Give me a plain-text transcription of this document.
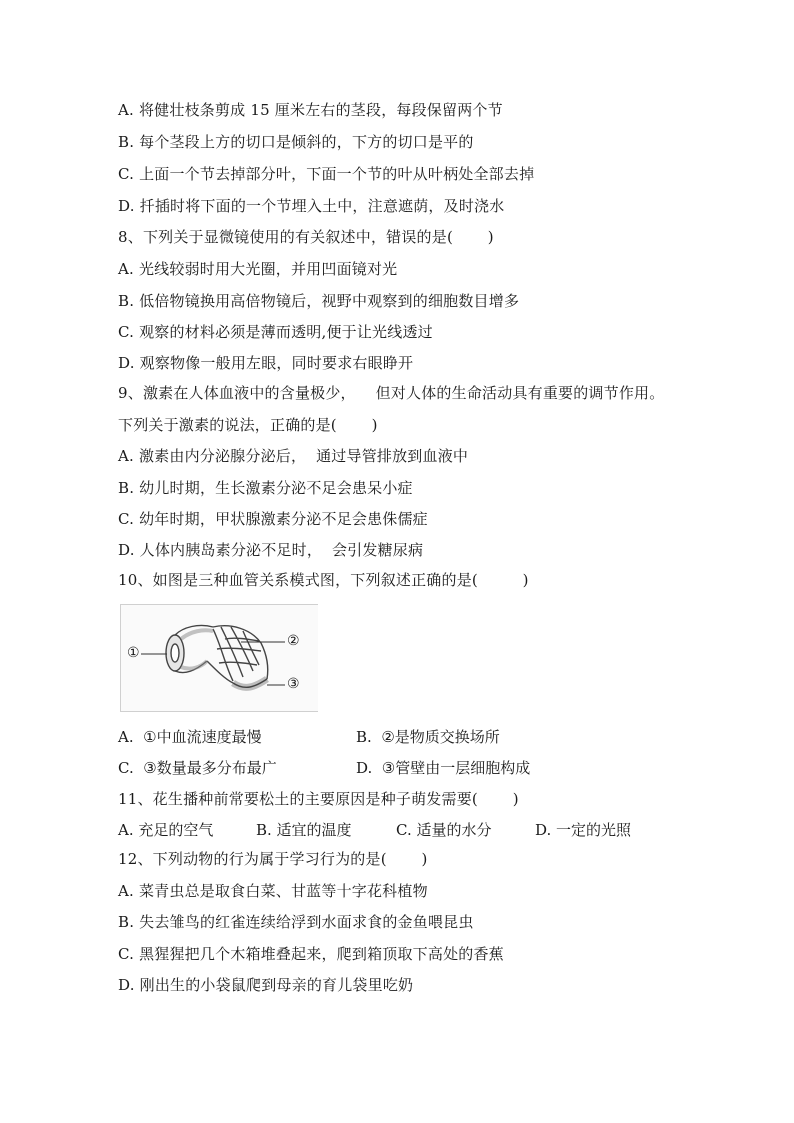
A. 将健壮枝条剪成 15 厘米左右的茎段，每段保留两个节
B. 每个茎段上方的切口是倾斜的，下方的切口是平的
C. 上面一个节去掉部分叶，下面一个节的叶从叶柄处全部去掉
D. 扦插时将下面的一个节埋入土中，注意遮荫，及时浇水
8、下列关于显微镜使用的有关叙述中，错误的是(       )
A. 光线较弱时用大光圈，并用凹面镜对光
B. 低倍物镜换用高倍物镜后，视野中观察到的细胞数目增多
C. 观察的材料必须是薄而透明,便于让光线透过
D. 观察物像一般用左眼，同时要求右眼睁开
9、激素在人体血液中的含量极少，    但对人体的生命活动具有重要的调节作用。
下列关于激素的说法，正确的是(       )
A. 激素由内分泌腺分泌后，  通过导管排放到血液中
B. 幼儿时期，生长激素分泌不足会患呆小症
C. 幼年时期，甲状腺激素分泌不足会患侏儒症
D. 人体内胰岛素分泌不足时，  会引发糖尿病
10、如图是三种血管关系模式图，下列叙述正确的是(         )
①
②
③
A.  ①中血流速度最慢	B.  ②是物质交换场所
C.  ③数量最多分布最广	D.  ③管壁由一层细胞构成
11、花生播种前常要松土的主要原因是种子萌发需要(       )
A. 充足的空气	B. 适宜的温度	C. 适量的水分	D. 一定的光照
12、下列动物的行为属于学习行为的是(       )
A. 菜青虫总是取食白菜、甘蓝等十字花科植物
B. 失去雏鸟的红雀连续给浮到水面求食的金鱼喂昆虫
C. 黑猩猩把几个木箱堆叠起来，爬到箱顶取下高处的香蕉
D. 刚出生的小袋鼠爬到母亲的育儿袋里吃奶
